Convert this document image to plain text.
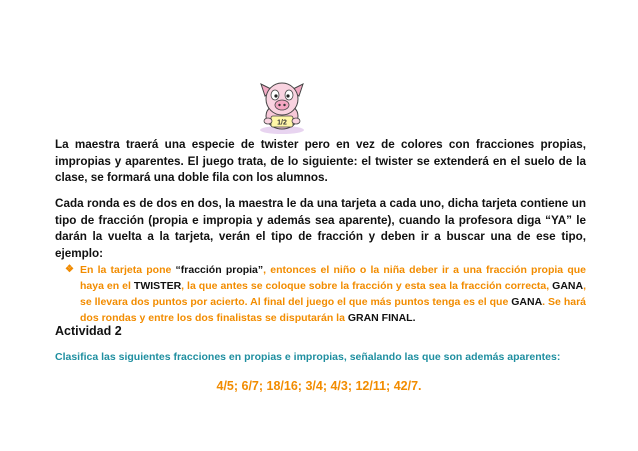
1/2
La maestra traerá una especie de twister pero en vez de colores con fracciones propias, impropias y aparentes. El juego trata, de lo siguiente: el twister se extenderá en el suelo de la clase, se formará una doble fila con los alumnos.
Cada ronda es de dos en dos, la maestra le da una tarjeta a cada uno, dicha tarjeta contiene un tipo de fracción (propia e impropia y además sea aparente), cuando la profesora diga “YA” le darán la vuelta a la tarjeta, verán el tipo de fracción y deben ir a buscar una de ese tipo, ejemplo:
❖ En la tarjeta pone “fracción propia”, entonces el niño o la niña deber ir a una fracción propia que haya en el TWISTER, la que antes se coloque sobre la fracción y esta sea la fracción correcta, GANA, se llevara dos puntos por acierto. Al final del juego el que más puntos tenga es el que GANA. Se hará dos rondas y entre los dos finalistas se disputarán la GRAN FINAL.
Actividad 2
Clasifica las siguientes fracciones en propias e impropias, señalando las que son además aparentes:
4/5; 6/7; 18/16; 3/4; 4/3; 12/11; 42/7.
